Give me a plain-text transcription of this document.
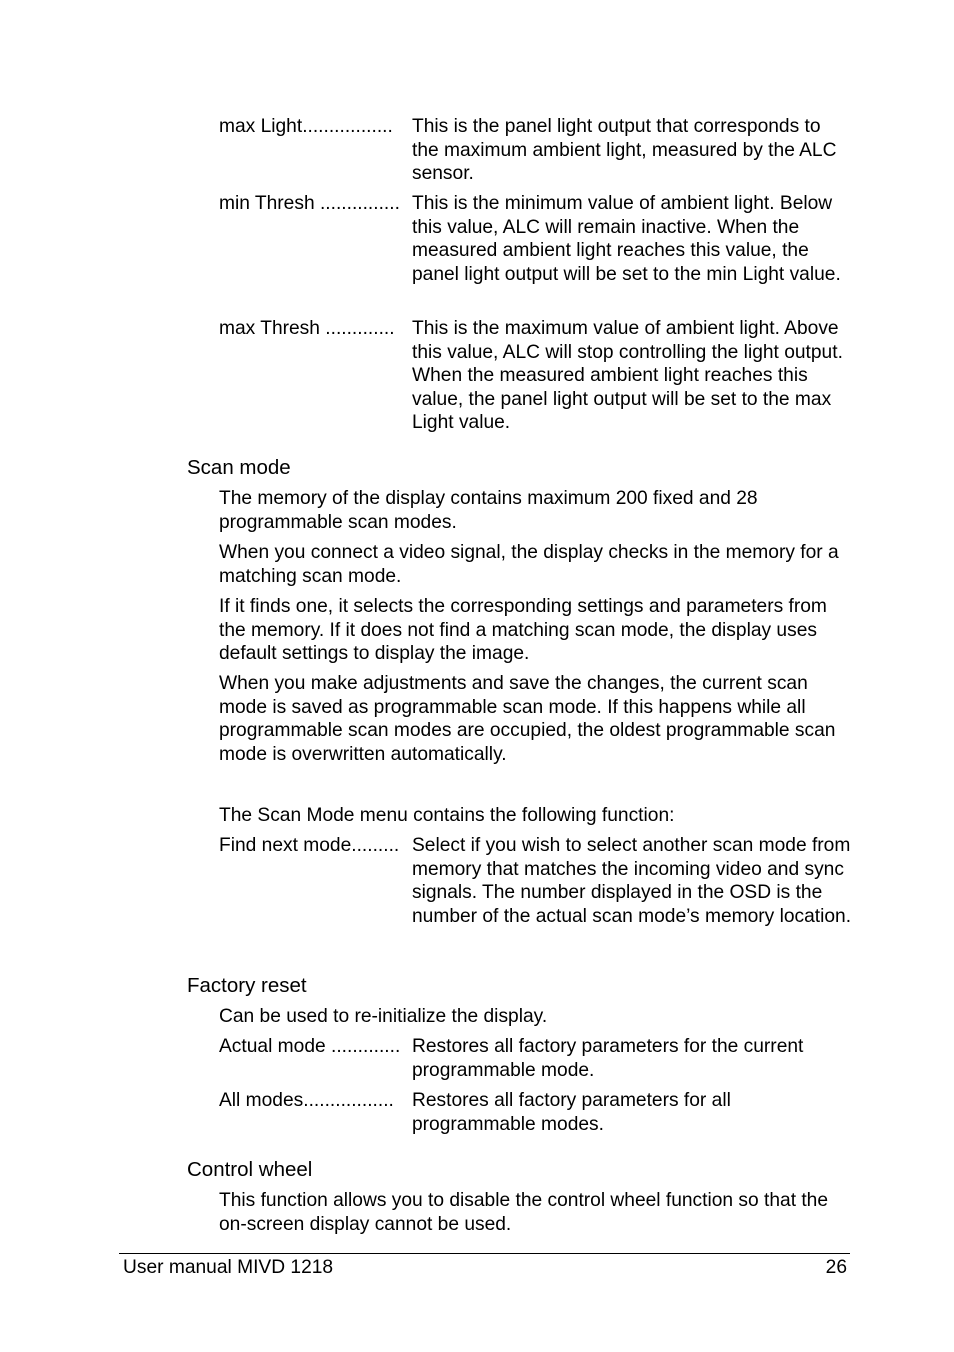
max Light................. This is the panel light output that corresponds to the maximum ambient light, measured by the ALC sensor.
min Thresh ............... This is the minimum value of ambient light. Below this value, ALC will remain inactive. When the measured ambient light reaches this value, the panel light output will be set to the min Light value.
max Thresh ............. This is the maximum value of ambient light. Above this value, ALC will stop controlling the light output. When the measured ambient light reaches this value, the panel light output will be set to the max Light value.
Scan mode
The memory of the display contains maximum 200 fixed and 28 programmable scan modes.
When you connect a video signal, the display checks in the memory for a matching scan mode.
If it finds one, it selects the corresponding settings and parameters from the memory. If it does not find a matching scan mode, the display uses default settings to display the image.
When you make adjustments and save the changes, the current scan mode is saved as programmable scan mode. If this happens while all programmable scan modes are occupied, the oldest programmable scan mode is overwritten automatically.
The Scan Mode menu contains the following function:
Find next mode......... Select if you wish to select another scan mode from memory that matches the incoming video and sync signals. The number displayed in the OSD is the number of the actual scan mode’s memory location.
Factory reset
Can be used to re-initialize the display.
Actual mode ............. Restores all factory parameters for the current programmable mode.
All modes................. Restores all factory parameters for all programmable modes.
Control wheel
This function allows you to disable the control wheel function so that the on-screen display cannot be used.
User manual MIVD 1218	26
